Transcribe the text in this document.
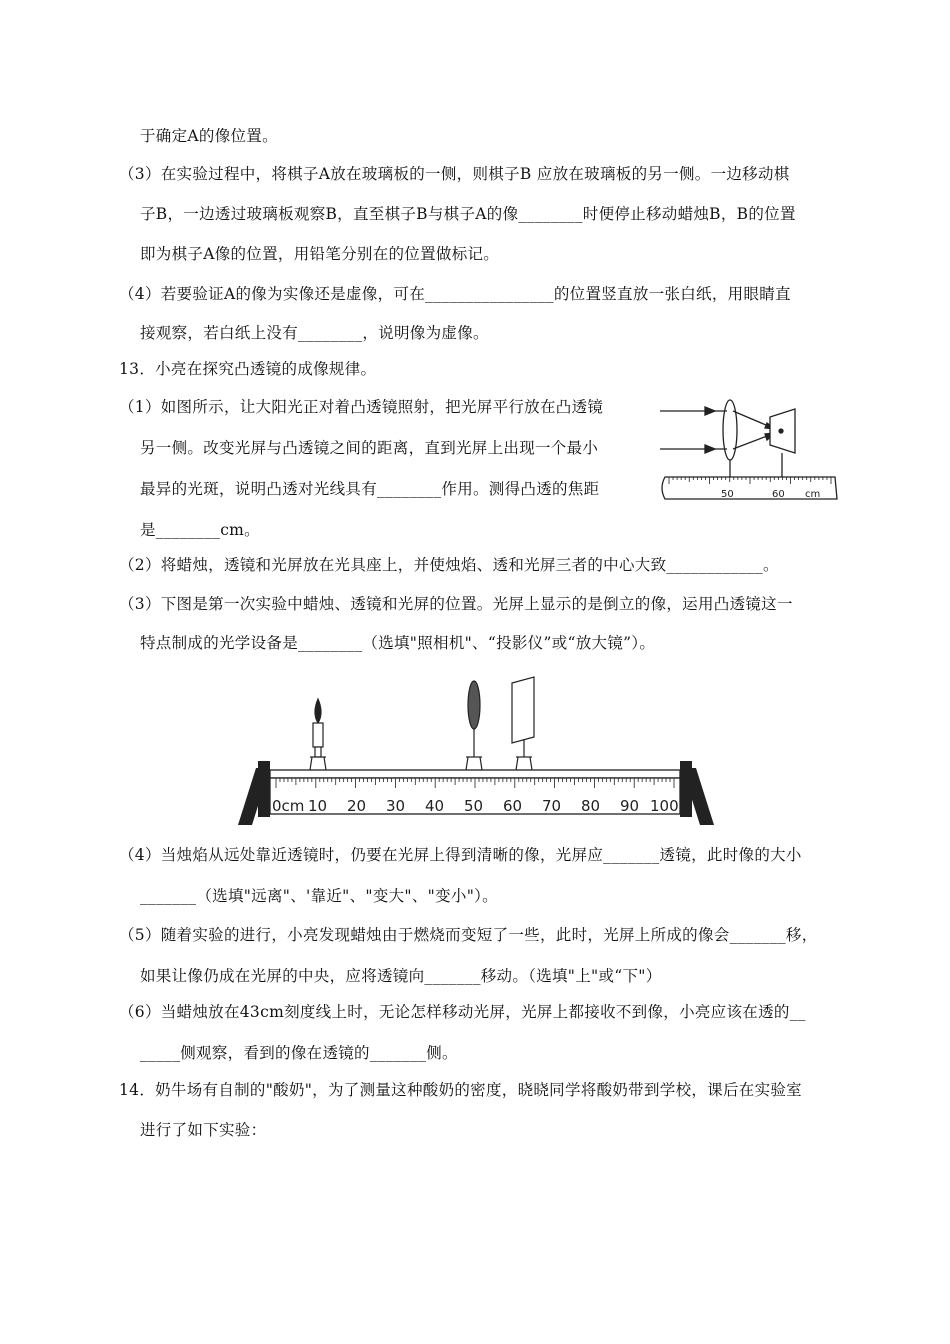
于确定A的像位置。
（3）在实验过程中，将棋子A放在玻璃板的一侧，则棋子B 应放在玻璃板的另一侧。一边移动棋
子B，一边透过玻璃板观察B，直至棋子B与棋子A的像________时便停止移动蜡烛B，B的位置
即为棋子A像的位置，用铅笔分别在的位置做标记。
（4）若要验证A的像为实像还是虚像，可在________________的位置竖直放一张白纸，用眼睛直
接观察，若白纸上没有________，说明像为虚像。
13．小亮在探究凸透镜的成像规律。
（1）如图所示，让大阳光正对着凸透镜照射，把光屏平行放在凸透镜
另一侧。改变光屏与凸透镜之间的距离，直到光屏上出现一个最小
最异的光斑，说明凸透对光线具有________作用。测得凸透的焦距
是________cm。
（2）将蜡烛，透镜和光屏放在光具座上，并使烛焰、透和光屏三者的中心大致____________。
（3）下图是第一次实验中蜡烛、透镜和光屏的位置。光屏上显示的是倒立的像，运用凸透镜这一
特点制成的光学设备是________（选填"照相机"、“投影仪”或“放大镜”）。
（4）当烛焰从远处靠近透镜时，仍要在光屏上得到清晰的像，光屏应_______透镜，此时像的大小
_______（选填"远离"、'靠近"、"变大"、"变小"）。
（5）随着实验的进行，小亮发现蜡烛由于燃烧而变短了一些，此时，光屏上所成的像会_______移，
如果让像仍成在光屏的中央，应将透镜向_______移动。（选填"上"或“下"）
（6）当蜡烛放在43cm刻度线上时，无论怎样移动光屏，光屏上都接收不到像，小亮应该在透的__
_____侧观察，看到的像在透镜的_______侧。
14．奶牛场有自制的"酸奶"，为了测量这种酸奶的密度，晓晓同学将酸奶带到学校，课后在实验室
进行了如下实验：
50	60 cm
0cm 10 20 30 40 50 60 70 80 90 100
